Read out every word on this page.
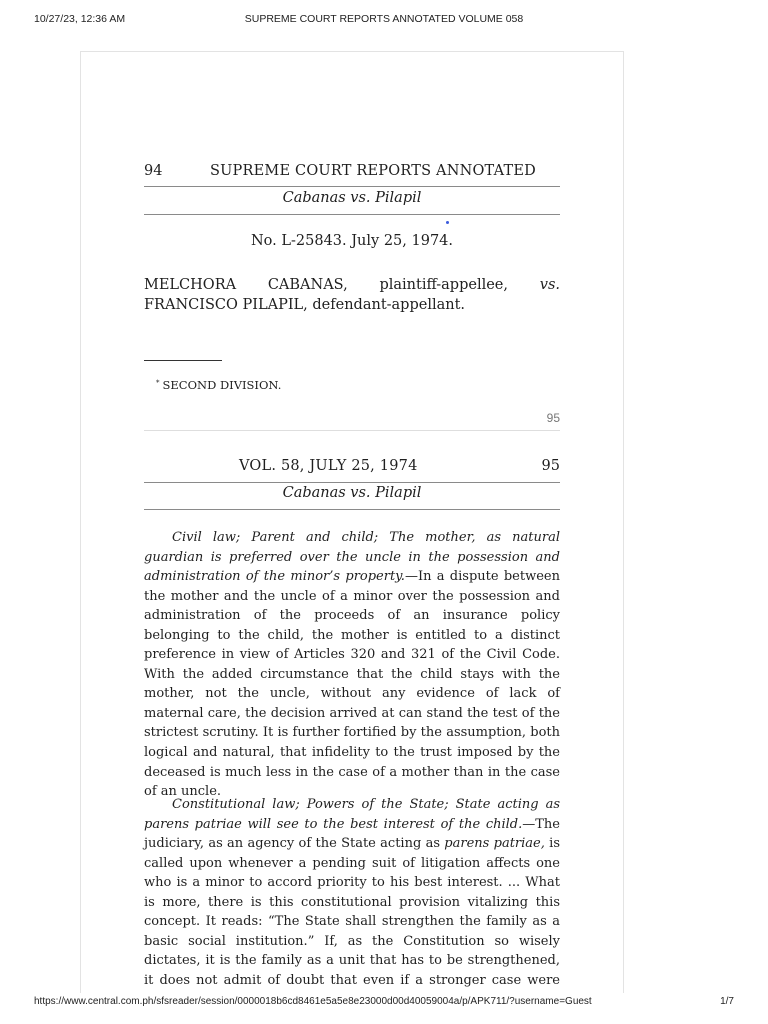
10/27/23, 12:36 AM	SUPREME COURT REPORTS ANNOTATED VOLUME 058
94	SUPREME COURT REPORTS ANNOTATED
Cabanas vs. Pilapil
No. L-25843. July 25, 1974.
MELCHORA CABANAS, plaintiff-appellee, vs.
FRANCISCO PILAPIL, defendant-appellant.
* SECOND DIVISION.
95
VOL. 58, JULY 25, 1974	95
Cabanas vs. Pilapil

Civil law; Parent and child; The mother, as natural guardian is preferred over the uncle in the possession and administration of the minor’s property.—In a dispute between the mother and the uncle of a minor over the possession and administration of the proceeds of an insurance policy belonging to the child, the mother is entitled to a distinct preference in view of Articles 320 and 321 of the Civil Code. With the added circumstance that the child stays with the mother, not the uncle, without any evidence of lack of maternal care, the decision arrived at can stand the test of the strictest scrutiny. It is further fortified by the assumption, both logical and natural, that infidelity to the trust imposed by the deceased is much less in the case of a mother than in the case of an uncle.

Constitutional law; Powers of the State; State acting as parens patriae will see to the best interest of the child.—The judiciary, as an agency of the State acting as parens patriae, is called upon whenever a pending suit of litigation affects one who is a minor to accord priority to his best interest. ... What is more, there is this constitutional provision vitalizing this concept. It reads: “The State shall strengthen the family as a basic social institution.” If, as the Constitution so wisely dictates, it is the family as a unit that has to be strengthened, it does not admit of doubt that even if a stronger case were

https://www.central.com.ph/sfsreader/session/0000018b6cd8461e5a5e8e23000d00d40059004a/p/APK711/?username=Guest	1/7
